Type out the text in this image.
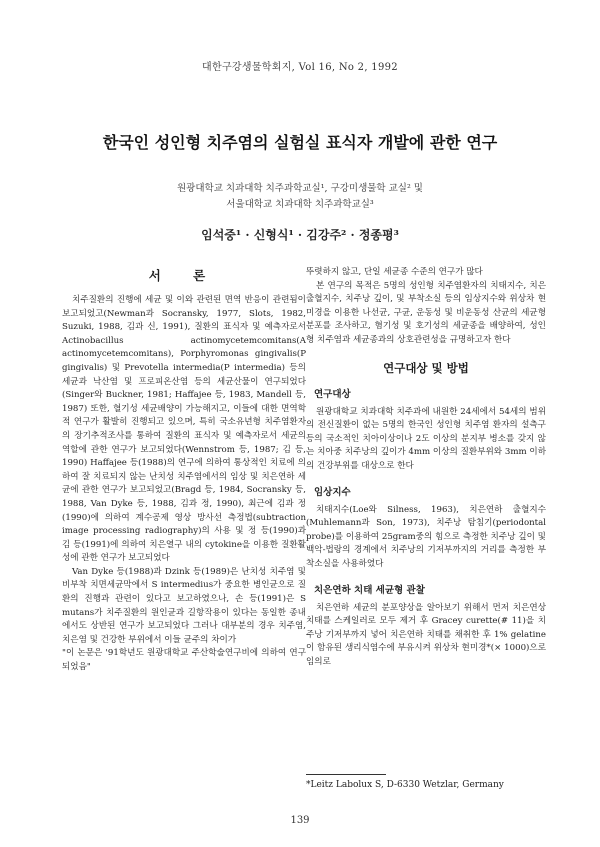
대한구강생물학회지, Vol 16, No 2, 1992
한국인 성인형 치주염의 실험실 표식자 개발에 관한 연구
원광대학교 치과대학 치주과학교실¹, 구강미생물학 교실² 및
서울대학교 치과대학 치주과학교실³
임석중¹ · 신형식¹ · 김강주² · 정종평³
서 론

치주질환의 진행에 세균 및 이와 관련된 면역 반응이 관련됨이 보고되었고(Newman과 Socransky, 1977, Slots, 1982, Suzuki, 1988, 김과 신, 1991), 질환의 표식자 및 예측자로서 Actinobacillus actinomycetemcomitans(A actinomycetemcomitans), Porphyromonas gingivalis(P gingivalis) 및 Prevotella intermedia(P intermedia) 등의 세균과 낙산염 및 프로피온산염 등의 세균산물이 연구되었다(Singer와 Buckner, 1981; Haffajee 등, 1983, Mandell 등, 1987) 또한, 혈기성 세균배양이 가능해지고, 이들에 대한 면역학적 연구가 활발히 진행되고 있으며, 특히 국소유년형 치주염환자의 장기추적조사를 통하여 질환의 표식자 및 예측자로서 세균의 역할에 관한 연구가 보고되었다(Wennstrom 등, 1987; 김 등, 1990) Haffajee 등(1988)의 연구에 의하여 통상적인 치료에 의하여 잘 치료되지 않는 난치성 치주염에서의 임상 및 치은연하 세균에 관한 연구가 보고되었고(Bragd 등, 1984, Socransky 등, 1988, Van Dyke 등, 1988, 김과 정, 1990), 최근에 김과 정(1990)에 의하여 계수공제 영상 방사선 측정법(subtraction image processing radiography)의 사용 및 정 등(1990)과 김 등(1991)에 의하여 치은열구 내의 cytokine을 이용한 질환활성에 관한 연구가 보고되었다

Van Dyke 등(1988)과 Dzink 등(1989)은 난치성 치주염 및 비부착 치면세균막에서 S intermedius가 중요한 병인균으로 질환의 진행과 관련이 있다고 보고하였으나, 손 등(1991)은 S mutans가 치주질환의 원인균과 길항작용이 있다는 동일한 종내에서도 상반된 연구가 보고되었다 그러나 대부분의 경우 치주염, 치은염 및 건강한 부위에서 이들 균주의 차이가

"이 논문은 '91학년도 원광대학교 주산학술연구비에 의하여 연구되었음"

뚜렷하지 않고, 단일 세균종 수준의 연구가 많다

본 연구의 목적은 5명의 성인형 치주염환자의 치태지수, 치은출혈지수, 치주낭 깊이, 및 부착소실 등의 임상지수와 위상차 현미경을 이용한 나선균, 구균, 운동성 및 비운동성 산균의 세균형 분포를 조사하고, 혐기성 및 호기성의 세균종을 배양하여, 성인형 치주염과 세균종과의 상호관련성을 규명하고자 한다

연구대상 및 방법
연구대상

원광대학교 치과대학 치주과에 내원한 24세에서 54세의 범위의 전신질환이 없는 5명의 한국인 성인형 치주염 환자의 설측구 등의 국소적인 치아이상이나 2도 이상의 분지부 병소를 갖지 않는 치아중 치주낭의 깊이가 4mm 이상의 질환부위와 3mm 이하의 건강부위를 대상으로 한다

임상지수

치태지수(Loe와 Silness, 1963), 치은연하 출혈지수(Muhlemann과 Son, 1973), 치주낭 탐침기(periodontal probe)를 이용하여 25gram중의 힘으로 측정한 치주낭 깊이 및 백악-법랑의 경계에서 치주낭의 기저부까지의 거리를 측정한 부착소실을 사용하였다

치은연하 치태 세균형 관찰

치은연하 세균의 분포양상을 알아보기 위해서 먼저 치은연상 치태를 스케일러로 모두 제거 후 Gracey curette(# 11)을 치주낭 기저부까지 넣어 치은연하 치태를 채취한 후 1% gelatine이 함유된 생리식염수에 부유시켜 위상차 현미경*(× 1000)으로 임의로

*Leitz Labolux S, D-6330 Wetzlar, Germany
139
